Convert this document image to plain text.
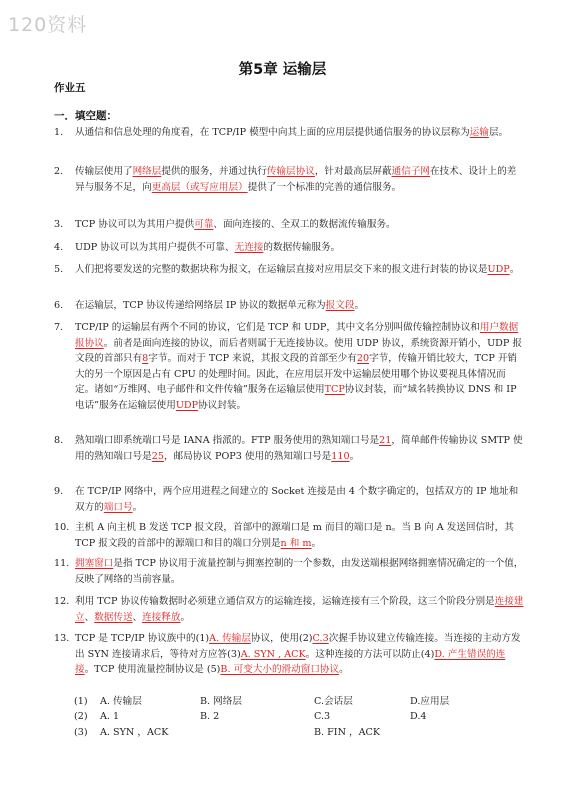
120资料
第5章 运输层
作业五
一．填空题：
1. 从通信和信息处理的角度看，在 TCP/IP 模型中向其上面的应用层提供通信服务的协议层称为运输层。
2. 传输层使用了网络层提供的服务，并通过执行传输层协议，针对最高层屏蔽通信子网在技术、设计上的差异与服务不足，向更高层（或写应用层）提供了一个标准的完善的通信服务。
3. TCP 协议可以为其用户提供可靠、面向连接的、全双工的数据流传输服务。
4. UDP 协议可以为其用户提供不可靠、无连接的数据传输服务。
5. 人们把将要发送的完整的数据块称为报文，在运输层直接对应用层交下来的报文进行封装的协议是UDP。
6. 在运输层，TCP 协议传递给网络层 IP 协议的数据单元称为报文段。
7. TCP/IP 的运输层有两个不同的协议，它们是 TCP 和 UDP，其中文名分别叫做传输控制协议和用户数据报协议。前者是面向连接的协议，而后者则属于无连接协议。使用 UDP 协议，系统资源开销小，UDP 报文段的首部只有8字节。而对于 TCP 来说，其报文段的首部至少有20字节，传输开销比较大，TCP 开销大的另一个原因是占有 CPU 的处理时间。因此，在应用层开发中运输层使用哪个协议要视具体情况而定。诸如“万维网、电子邮件和文件传输”服务在运输层使用TCP协议封装，而“域名转换协议 DNS 和 IP 电话”服务在运输层使用UDP协议封装。
8. 熟知端口即系统端口号是 IANA 指派的。FTP 服务使用的熟知端口号是21，简单邮件传输协议 SMTP 使用的熟知端口号是25，邮局协议 POP3 使用的熟知端口号是110。
9. 在 TCP/IP 网络中，两个应用进程之间建立的 Socket 连接是由 4 个数字确定的，包括双方的 IP 地址和双方的端口号。
10. 主机 A 向主机 B 发送 TCP 报文段，首部中的源端口是 m 而目的端口是 n。当 B 向 A 发送回信时，其 TCP 报文段的首部中的源端口和目的端口分别是n 和 m。
11. 拥塞窗口是指 TCP 协议用于流量控制与拥塞控制的一个参数，由发送端根据网络拥塞情况确定的一个值，反映了网络的当前容量。
12. 利用 TCP 协议传输数据时必须建立通信双方的运输连接，运输连接有三个阶段，这三个阶段分别是连接建立、数据传送、连接释放。
13. TCP 是 TCP/IP 协议族中的(1)A. 传输层协议，使用(2)C.3次握手协议建立传输连接。当连接的主动方发出 SYN 连接请求后，等待对方应答(3)A. SYN , ACK。这种连接的方法可以防止(4)D. 产生错误的连接。TCP 使用流量控制协议是 (5)B. 可变大小的滑动窗口协议。
(1)	A. 传输层	B. 网络层	C.会话层	D.应用层
(2)	A. 1	B. 2	C.3	D.4
(3)	A. SYN ，ACK	B. FIN ，ACK
